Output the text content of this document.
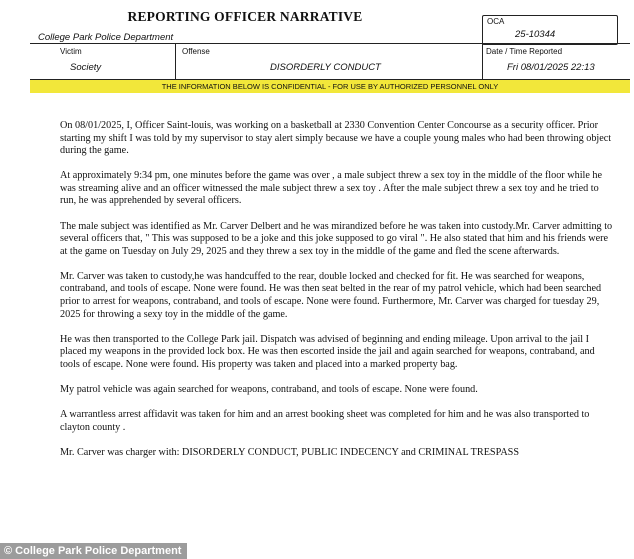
REPORTING OFFICER NARRATIVE
College Park Police Department
OCA
25-10344
Victim
Society
Offense
DISORDERLY CONDUCT
Date / Time Reported
Fri 08/01/2025 22:13
THE INFORMATION BELOW IS CONFIDENTIAL - FOR USE BY AUTHORIZED PERSONNEL ONLY

On 08/01/2025, I, Officer Saint-louis, was working on a basketball at 2330 Convention Center Concourse as a security officer. Prior starting my shift I was told by my supervisor to stay alert simply because we have a couple young males who had been throwing object during the game.

At approximately 9:34 pm, one minutes before the game was over , a male subject threw a sex toy in the middle of the floor while he was streaming alive and an officer witnessed the male subject threw a sex toy . After the male subject threw a sex toy and he tried to run, he was apprehended by several officers.

The male subject was identified as Mr. Carver Delbert and he was mirandized before he was taken into custody.Mr. Carver admitting to several officers that, " This was supposed to be a joke and this joke supposed to go viral ". He also stated that him and his friends were at the game on Tuesday on July 29, 2025 and they threw a sex toy in the middle of the game and fled the scene afterwards.

Mr. Carver was taken to custody,he was handcuffed to the rear, double locked and checked for fit. He was searched for weapons, contraband, and tools of escape. None were found. He was then seat belted in the rear of my patrol vehicle, which had been searched prior to arrest for weapons, contraband, and tools of escape. None were found. Furthermore, Mr. Carver was charged for tuesday 29, 2025 for throwing a sexy toy in the middle of the game.

He was then transported to the College Park jail. Dispatch was advised of beginning and ending mileage. Upon arrival to the jail I placed my weapons in the provided lock box. He was then escorted inside the jail and again searched for weapons, contraband, and tools of escape. None were found. His property was taken and placed into a marked property bag.

My patrol vehicle was again searched for weapons, contraband, and tools of escape. None were found.

A warrantless arrest affidavit was taken for him and an arrest booking sheet was completed for him and he was also transported to clayton county .

Mr. Carver was charger with: DISORDERLY CONDUCT, PUBLIC INDECENCY and CRIMINAL TRESPASS

© College Park Police Department
